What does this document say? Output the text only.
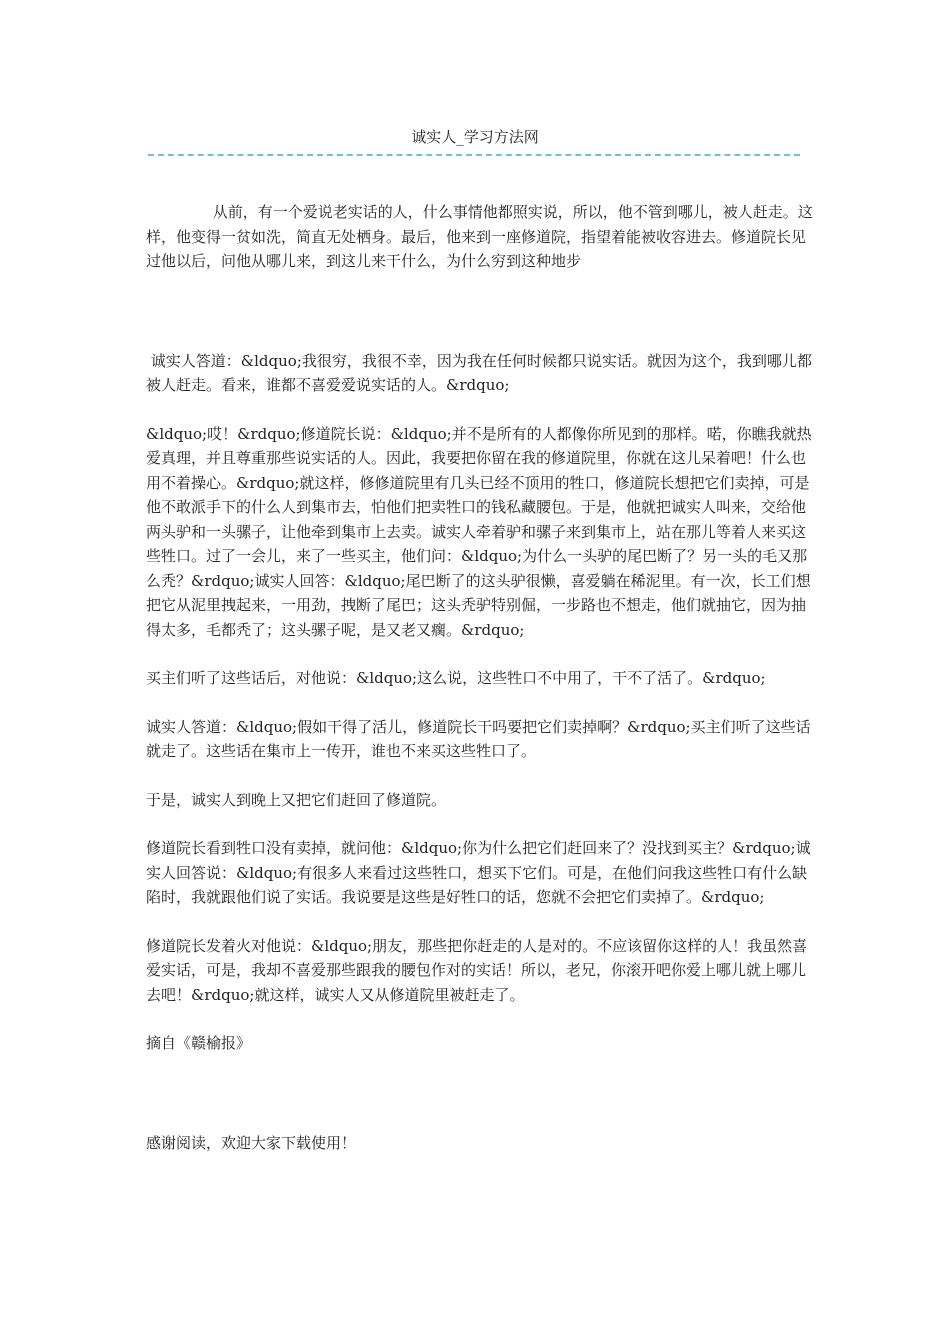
诚实人_学习方法网

从前，有一个爱说老实话的人，什么事情他都照实说，所以，他不管到哪儿，被人赶走。这样，他变得一贫如洗，简直无处栖身。最后，他来到一座修道院，指望着能被收容进去。修道院长见过他以后，问他从哪儿来，到这儿来干什么，为什么穷到这种地步

诚实人答道：&ldquo;我很穷，我很不幸，因为我在任何时候都只说实话。就因为这个，我到哪儿都被人赶走。看来，谁都不喜爱爱说实话的人。&rdquo;

&ldquo;哎！&rdquo;修道院长说：&ldquo;并不是所有的人都像你所见到的那样。喏，你瞧我就热爱真理，并且尊重那些说实话的人。因此，我要把你留在我的修道院里，你就在这儿呆着吧！什么也用不着操心。&rdquo;就这样，修修道院里有几头已经不顶用的牲口，修道院长想把它们卖掉，可是他不敢派手下的什么人到集市去，怕他们把卖牲口的钱私藏腰包。于是，他就把诚实人叫来，交给他两头驴和一头骡子，让他牵到集市上去卖。诚实人牵着驴和骡子来到集市上，站在那儿等着人来买这些牲口。过了一会儿，来了一些买主，他们问：&ldquo;为什么一头驴的尾巴断了？另一头的毛又那么秃？&rdquo;诚实人回答：&ldquo;尾巴断了的这头驴很懒，喜爱躺在稀泥里。有一次，长工们想把它从泥里拽起来，一用劲，拽断了尾巴；这头秃驴特别倔，一步路也不想走，他们就抽它，因为抽得太多，毛都秃了；这头骡子呢，是又老又瘸。&rdquo;

买主们听了这些话后，对他说：&ldquo;这么说，这些牲口不中用了，干不了活了。&rdquo;

诚实人答道：&ldquo;假如干得了活儿，修道院长干吗要把它们卖掉啊？&rdquo;买主们听了这些话就走了。这些话在集市上一传开，谁也不来买这些牲口了。

于是，诚实人到晚上又把它们赶回了修道院。

修道院长看到牲口没有卖掉，就问他：&ldquo;你为什么把它们赶回来了？没找到买主？&rdquo;诚实人回答说：&ldquo;有很多人来看过这些牲口，想买下它们。可是，在他们问我这些牲口有什么缺陷时，我就跟他们说了实话。我说要是这些是好牲口的话，您就不会把它们卖掉了。&rdquo;

修道院长发着火对他说：&ldquo;朋友，那些把你赶走的人是对的。不应该留你这样的人！我虽然喜爱实话，可是，我却不喜爱那些跟我的腰包作对的实话！所以，老兄，你滚开吧你爱上哪儿就上哪儿去吧！&rdquo;就这样，诚实人又从修道院里被赶走了。

摘自《赣榆报》

感谢阅读，欢迎大家下载使用！
